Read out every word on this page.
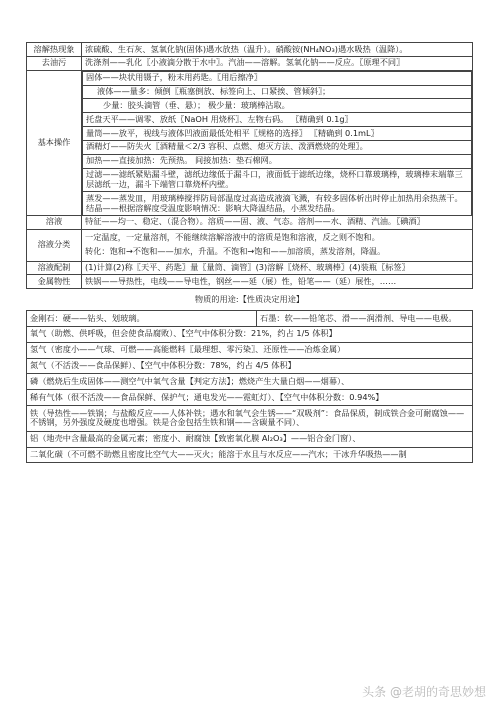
溶解热现象	浓硫酸、生石灰、氢氧化钠(固体)遇水放热（温升）。硝酸铵(NH₄NO₃)遇水吸热（温降）。
去油污	洗涤剂——乳化〖小液滴分散于水中〗。汽油——溶解。氢氧化钠——反应。〖原理不同〗
基本操作	
固体——块状用镊子，粉末用药匙。〖用后擦净〗
液体——量多：倾倒〖瓶塞倒放、标签向上、口紧挨、管倾斜〗；
少量：胶头滴管（垂、悬）； 极少量：玻璃棒沾取。
托盘天平——调零、放纸〖NaOH 用烧杯〗、左物右码。 〖精确到 0.1g〗
量筒——放平，视线与液体凹液面最低处相平〖规格的选择〗 〖精确到 0.1mL〗
酒精灯——防失火〖酒精量＜2/3 容积、点燃、熄灭方法、泼洒燃烧的处理〗。
加热——直接加热：先预热。 间接加热：垫石棉网。
过滤——滤纸紧贴漏斗壁，滤纸边缘低于漏斗口，液面低于滤纸边缘，烧杯口靠玻璃棒，玻璃棒末端靠三层滤纸一边，漏斗下端管口靠烧杯内壁。
蒸发——蒸发皿，用玻璃棒搅拌防局部温度过高造成液滴飞溅，有较多固体析出时停止加热用余热蒸干。结晶——根据溶解度受温度影响情况：影响大降温结晶，小蒸发结晶。

溶液	特征——均一、稳定、（混合物）。溶质——固、液、气态。溶剂——水、酒精、汽油。〖碘酒〗
溶液分类	
一定温度，一定量溶剂，不能继续溶解溶液中的溶质是饱和溶液，反之则不饱和。
转化：饱和→不饱和——加水，升温。不饱和→饱和——加溶质，蒸发溶剂，降温。

溶液配制	(1)计算(2)称〖天平、药匙〗量〖量筒、滴管〗(3)溶解〖烧杯、玻璃棒〗(4)装瓶〖标签〗
金属物性	铁锅——导热性，电线——导电性，钢丝——延（展）性，铅笔——（延）展性，……
物质的用途:【性质决定用途】
金刚石：硬——钻头、划玻璃。	石墨：软——铅笔芯、滑——润滑剂、导电——电极。
氧气（助燃、供呼吸，但会使食品腐败）、【空气中体积分数：21%，约占 1/5 体积】
氢气（密度小——气球、可燃——高能燃料〖最理想、零污染〗、还原性——冶炼金属）
氮气（不活泼——食品保鲜）、【空气中体积分数：78%，约占 4/5 体积】
磷（燃烧后生成固体——测空气中氧气含量【判定方法】；燃烧产生大量白烟——烟幕）、
稀有气体（很不活泼——食品保鲜、保护气；通电发光——霓虹灯）、【空气中体积分数：0.94%】
铁（导热性——铁锅；与盐酸反应——人体补铁；遇水和氧气会生锈——“双吸剂”：食品保质，制成铁合金可耐腐蚀——不锈钢，另外强度及硬度也增强。铁是合金包括生铁和钢——含碳量不同）、
铝（地壳中含量最高的金属元素；密度小、耐腐蚀【致密氧化膜 Al₂O₃】——铝合金门窗）、
二氧化碳（不可燃不助燃且密度比空气大——灭火；能溶于水且与水反应——汽水；干冰升华吸热——制
头条 @老胡的奇思妙想
